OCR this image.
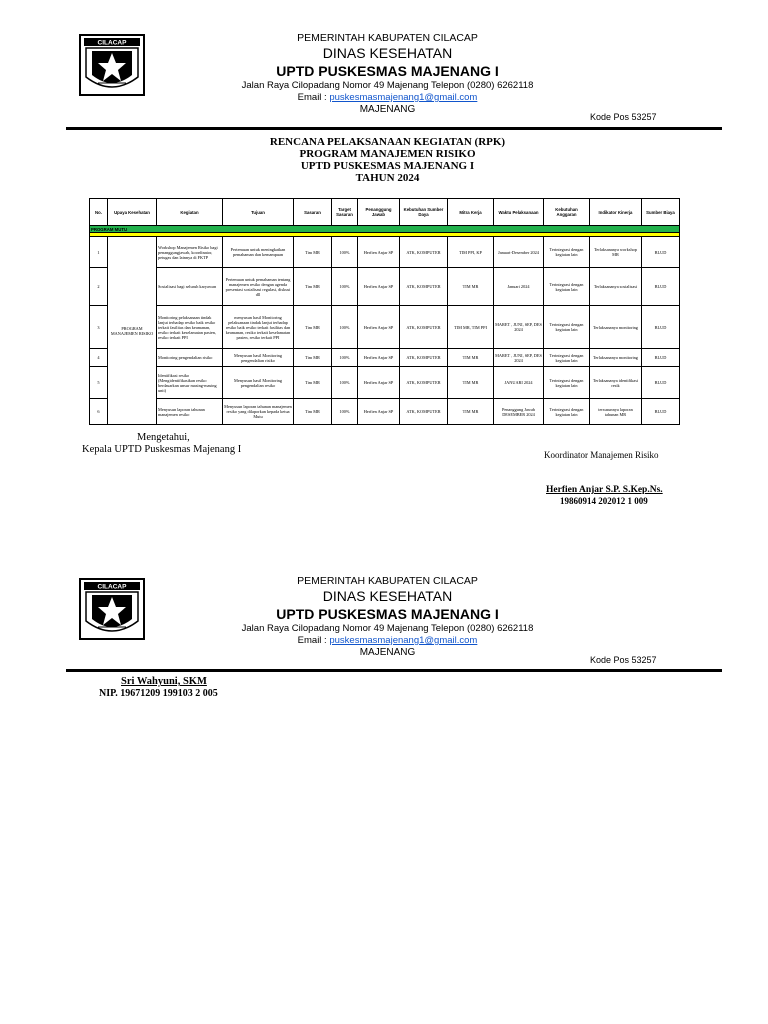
CILACAP	PEMERINTAH KABUPATEN CILACAP
DINAS KESEHATAN
UPTD PUSKESMAS MAJENANG I
Jalan Raya Cilopadang Nomor 49 Majenang Telepon (0280) 6262118
Email : puskesmasmajenang1@gmail.com
MAJENANG
Kode Pos 53257
RENCANA PELAKSANAAN KEGIATAN (RPK)
PROGRAM MANAJEMEN RISIKO
UPTD PUSKESMAS MAJENANG I
TAHUN 2024
No.	Upaya Kesehatan	Kegiatan	Tujuan	Sasaran	Target Sasaran	Penanggung Jawab	Kebutuhan Sumber Daya	Mitra Kerja	Waktu Pelaksanaan	Kebutuhan Anggaran	Indikator Kinerja	Sumber Biaya
PROGRAM MUTU												

1	PROGRAM MANAJEMEN RISIKO	Workshop Manajemen Risiko bagi penanggungjawab, koordinator, petugas dan lainnya di FKTP	Pertemuan untuk meningkatkan pemahaman dan kemampuan	Tim MR	100%	Herfien Anjar SP	ATK, KOMPUTER	TIM PPI, KP	Januari-Desember 2024	Terintegrasi dengan kegiatan lain	Terlaksananya workshop MR	BLUD
2		Sosialisasi bagi seluruh karyawan	Pertemuan untuk pemahaman tentang manajemen resiko dengan agenda presentasi sosialisasi regulasi, diskusi dll	Tim MR	100%	Herfien Anjar SP	ATK, KOMPUTER	TIM MR	Januari 2024	Terintegrasi dengan kegiatan lain	Terlaksananya sosialisasi	BLUD
3		Monitoring pelaksanaan tindak lanjut terhadap resiko baik resiko terkait fasilitas dan keamanan, resiko terkait keselamatan pasien, resiko terkait PPI	menyusun hasil Monitoring pelaksanaan tindak lanjut terhadap resiko baik resiko terkait fasilitas dan keamanan, resiko terkait keselamatan pasien, resiko terkait PPI	Tim MR	100%	Herfien Anjar SP	ATK, KOMPUTER	TIM MR, TIM PPI	MARET , JUNI, SEP, DES 2024	Terintegrasi dengan kegiatan lain	Terlaksananya monitoring	BLUD
4		Monitoring pengendalian risiko	Menyusun hasil Monitoring pengendalian risiko	Tim MR	100%	Herfien Anjar SP	ATK, KOMPUTER	TIM MR	MARET , JUNI, SEP, DES 2024	Terintegrasi dengan kegiatan lain	Terlaksananya monitoring	BLUD
5		Identifikasi resiko (Mengidentifikasikan resiko berdasarkan unsur masing-masing unit)	Menyusun hasil Monitoring pengendalian resiko	Tim MR	100%	Herfien Anjar SP	ATK, KOMPUTER	TIM MR	JANUARI 2024	Terintegrasi dengan kegiatan lain	Terlaksananya identifikasi resik	BLUD
6		Menyusun laporan tahunan manajemen resiko	Menyusun laporan tahunan manajemen resiko yang dilaporkan kepada ketua Mutu	Tim MR	100%	Herfien Anjar SP	ATK, KOMPUTER	TIM MR	Penanggung Jawab DESEMBER 2024	Terintegrasi dengan kegiatan lain	tersusunnya laporan tahunan MR	BLUD
Mengetahui,
Kepala UPTD Puskesmas Majenang I	Koordinator Manajemen Risiko
Herfien Anjar S.P. S.Kep.Ns.
19860914 202012 1 009
CILACAP	PEMERINTAH KABUPATEN CILACAP
DINAS KESEHATAN
UPTD PUSKESMAS MAJENANG I
Jalan Raya Cilopadang Nomor 49 Majenang Telepon (0280) 6262118
Email : puskesmasmajenang1@gmail.com
MAJENANG
Kode Pos 53257
Sri Wahyuni, SKM
NIP. 19671209 199103 2 005
